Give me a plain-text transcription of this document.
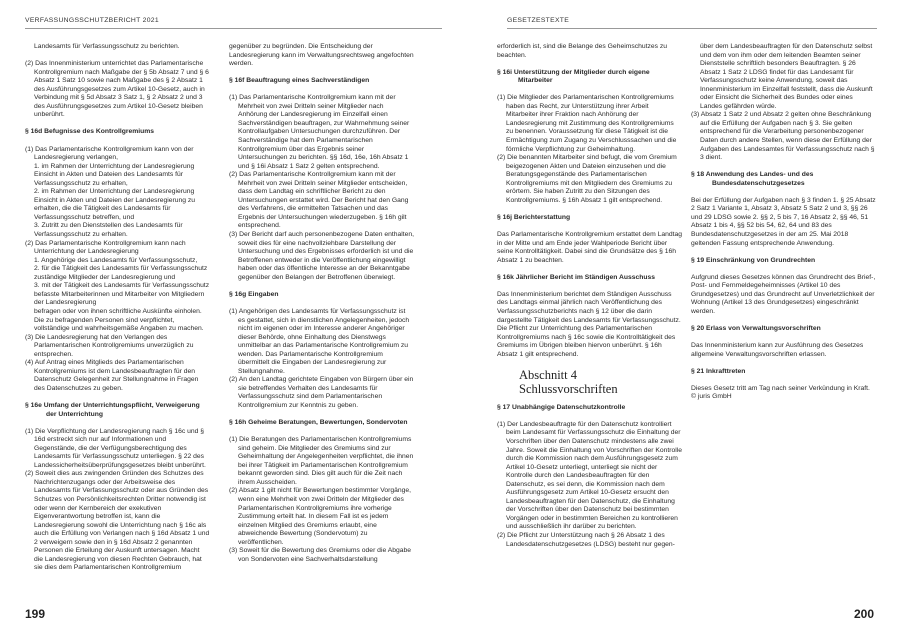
VERFASSUNGSSCHUTZBERICHT 2021	GESETZESTEXTE

Landesamts für Verfassungsschutz zu berichten.

(2) Das Innenministerium unterrichtet das Parlamentarische Kontrollgremium nach Maßgabe der § 5b Absatz 7 und § 6 Absatz 1 Satz 10 sowie nach Maßgabe des § 2 Absatz 1 des Ausführungsgesetzes zum Artikel 10-Gesetz, auch in Verbindung mit § 5d Absatz 3 Satz 1, § 2 Absatz 2 und 3 des Ausführungsgesetzes zum Artikel 10-Gesetz bleiben unberührt.

§ 16d Befugnisse des Kontrollgremiums

(1) Das Parlamentarische Kontrollgremium kann von der Landesregierung verlangen,

1. im Rahmen der Unterrichtung der Landesregierung Einsicht in Akten und Dateien des Landesamts für Verfassungsschutz zu erhalten,

2. im Rahmen der Unterrichtung der Landesregierung Einsicht in Akten und Dateien der Landesregierung zu erhalten, die die Tätigkeit des Landesamts für Verfassungsschutz betreffen, und

3. Zutritt zu den Dienststellen des Landesamts für Verfassungsschutz zu erhalten.

(2) Das Parlamentarische Kontrollgremium kann nach Unterrichtung der Landesregierung

1. Angehörige des Landesamts für Verfassungsschutz,

2. für die Tätigkeit des Landesamts für Verfassungsschutz zuständige Mitglieder der Landesregierung und

3. mit der Tätigkeit des Landesamts für Verfassungsschutz befasste Mitarbeiterinnen und Mitarbeiter von Mitgliedern der Landesregierung

befragen oder von ihnen schriftliche Auskünfte einholen. Die zu befragenden Personen sind verpflichtet, vollständige und wahrheitsgemäße Angaben zu machen.

(3) Die Landesregierung hat den Verlangen des Parlamentarischen Kontrollgremiums unverzüglich zu entsprechen.

(4) Auf Antrag eines Mitglieds des Parlamentarischen Kontrollgremiums ist dem Landesbeauftragten für den Datenschutz Gelegenheit zur Stellungnahme in Fragen des Datenschutzes zu geben.

§ 16e Umfang der Unterrichtungspflicht, Verweigerung der Unterrichtung

(1) Die Verpflichtung der Landesregierung nach § 16c und § 16d erstreckt sich nur auf Informationen und Gegenstände, die der Verfügungsberechtigung des Landesamts für Verfassungsschutz unterliegen. § 22 des Landessicherheitsüberprüfungsgesetzes bleibt unberührt.

(2) Soweit dies aus zwingenden Gründen des Schutzes des Nachrichtenzugangs oder der Arbeitsweise des Landesamts für Verfassungsschutz oder aus Gründen des Schutzes von Persönlichkeitsrechten Dritter notwendig ist oder wenn der Kernbereich der exekutiven Eigenverantwortung betroffen ist, kann die Landesregierung sowohl die Unterrichtung nach § 16c als auch die Erfüllung von Verlangen nach § 16d Absatz 1 und 2 verweigern sowie den in § 16d Absatz 2 genannten Personen die Erteilung der Auskunft untersagen. Macht die Landesregierung von diesen Rechten Gebrauch, hat sie dies dem Parlamentarischen Kontrollgremium

gegenüber zu begründen. Die Entscheidung der Landesregierung kann im Verwaltungsrechtsweg angefochten werden.

§ 16f Beauftragung eines Sachverständigen

(1) Das Parlamentarische Kontrollgremium kann mit der Mehrheit von zwei Dritteln seiner Mitglieder nach Anhörung der Landesregierung im Einzelfall einen Sachverständigen beauftragen, zur Wahrnehmung seiner Kontrollaufgaben Untersuchungen durchzuführen. Der Sachverständige hat dem Parlamentarischen Kontrollgremium über das Ergebnis seiner Untersuchungen zu berichten. §§ 16d, 16e, 16h Absatz 1 und § 16i Absatz 1 Satz 2 gelten entsprechend.

(2) Das Parlamentarische Kontrollgremium kann mit der Mehrheit von zwei Dritteln seiner Mitglieder entscheiden, dass dem Landtag ein schriftlicher Bericht zu den Untersuchungen erstattet wird. Der Bericht hat den Gang des Verfahrens, die ermittelten Tatsachen und das Ergebnis der Untersuchungen wiederzugeben. § 16h gilt entsprechend.

(3) Der Bericht darf auch personenbezogene Daten enthalten, soweit dies für eine nachvollziehbare Darstellung der Untersuchung und des Ergebnisses erforderlich ist und die Betroffenen entweder in die Veröffentlichung eingewilligt haben oder das öffentliche Interesse an der Bekanntgabe gegenüber den Belangen der Betroffenen überwiegt.

§ 16g Eingaben

(1) Angehörigen des Landesamts für Verfassungsschutz ist es gestattet, sich in dienstlichen Angelegenheiten, jedoch nicht im eigenen oder im Interesse anderer Angehöriger dieser Behörde, ohne Einhaltung des Dienstwegs unmittelbar an das Parlamentarische Kontrollgremium zu wenden. Das Parlamentarische Kontrollgremium übermittelt die Eingaben der Landesregierung zur Stellungnahme.

(2) An den Landtag gerichtete Eingaben von Bürgern über ein sie betreffendes Verhalten des Landesamts für Verfassungsschutz sind dem Parlamentarischen Kontrollgremium zur Kenntnis zu geben.

§ 16h Geheime Beratungen, Bewertungen, Sondervoten

(1) Die Beratungen des Parlamentarischen Kontrollgremiums sind geheim. Die Mitglieder des Gremiums sind zur Geheimhaltung der Angelegenheiten verpflichtet, die ihnen bei ihrer Tätigkeit im Parlamentarischen Kontrollgremium bekannt geworden sind. Dies gilt auch für die Zeit nach ihrem Ausscheiden.

(2) Absatz 1 gilt nicht für Bewertungen bestimmter Vorgänge, wenn eine Mehrheit von zwei Dritteln der Mitglieder des Parlamentarischen Kontrollgremiums ihre vorherige Zustimmung erteilt hat. In diesem Fall ist es jedem einzelnen Mitglied des Gremiums erlaubt, eine abweichende Bewertung (Sondervotum) zu veröffentlichen.

(3) Soweit für die Bewertung des Gremiums oder die Abgabe von Sondervoten eine Sachverhaltsdarstellung

erforderlich ist, sind die Belange des Geheimschutzes zu beachten.

§ 16i Unterstützung der Mitglieder durch eigene Mitarbeiter

(1) Die Mitglieder des Parlamentarischen Kontrollgremiums haben das Recht, zur Unterstützung ihrer Arbeit Mitarbeiter ihrer Fraktion nach Anhörung der Landesregierung mit Zustimmung des Kontrollgremiums zu benennen. Voraussetzung für diese Tätigkeit ist die Ermächtigung zum Zugang zu Verschlusssachen und die förmliche Verpflichtung zur Geheimhaltung.

(2) Die benannten Mitarbeiter sind befugt, die vom Gremium beigezogenen Akten und Dateien einzusehen und die Beratungsgegenstände des Parlamentarischen Kontrollgremiums mit den Mitgliedern des Gremiums zu erörtern. Sie haben Zutritt zu den Sitzungen des Kontrollgremiums. § 16h Absatz 1 gilt entsprechend.

§ 16j Berichterstattung

Das Parlamentarische Kontrollgremium erstattet dem Landtag in der Mitte und am Ende jeder Wahlperiode Bericht über seine Kontrolltätigkeit. Dabei sind die Grundsätze des § 16h Absatz 1 zu beachten.

§ 16k Jährlicher Bericht im Ständigen Ausschuss

Das Innenministerium berichtet dem Ständigen Ausschuss des Landtags einmal jährlich nach Veröffentlichung des Verfassungsschutzberichts nach § 12 über die darin dargestellte Tätigkeit des Landesamts für Verfassungsschutz. Die Pflicht zur Unterrichtung des Parlamentarischen Kontrollgremiums nach § 16c sowie die Kontrolltätigkeit des Gremiums im Übrigen bleiben hiervon unberührt. § 16h Absatz 1 gilt entsprechend.

Abschnitt 4
Schlussvorschriften
§ 17 Unabhängige Datenschutzkontrolle

(1) Der Landesbeauftragte für den Datenschutz kontrolliert beim Landesamt für Verfassungsschutz die Einhaltung der Vorschriften über den Datenschutz mindestens alle zwei Jahre. Soweit die Einhaltung von Vorschriften der Kontrolle durch die Kommission nach dem Ausführungsgesetz zum Artikel 10-Gesetz unterliegt, unterliegt sie nicht der Kontrolle durch den Landesbeauftragten für den Datenschutz, es sei denn, die Kommission nach dem Ausführungsgesetz zum Artikel 10-Gesetz ersucht den Landesbeauftragten für den Datenschutz, die Einhaltung der Vorschriften über den Datenschutz bei bestimmten Vorgängen oder in bestimmten Bereichen zu kontrollieren und ausschließlich ihr darüber zu berichten.

(2) Die Pflicht zur Unterstützung nach § 26 Absatz 1 des Landesdatenschutzgesetzes (LDSG) besteht nur gegen-

über dem Landesbeauftragten für den Datenschutz selbst und dem von ihm oder dem leitenden Beamten seiner Dienststelle schriftlich besonders Beauftragten. § 26 Absatz 1 Satz 2 LDSG findet für das Landesamt für Verfassungsschutz keine Anwendung, soweit das Innenministerium im Einzelfall feststellt, dass die Auskunft oder Einsicht die Sicherheit des Bundes oder eines Landes gefährden würde.

(3) Absatz 1 Satz 2 und Absatz 2 gelten ohne Beschränkung auf die Erfüllung der Aufgaben nach § 3. Sie gelten entsprechend für die Verarbeitung personenbezogener Daten durch andere Stellen, wenn diese der Erfüllung der Aufgaben des Landesamtes für Verfassungsschutz nach § 3 dient.

§ 18 Anwendung des Landes- und des Bundesdatenschutzgesetzes

Bei der Erfüllung der Aufgaben nach § 3 finden 1. § 25 Absatz 2 Satz 1 Variante 1, Absatz 3, Absatz 5 Satz 2 und 3, §§ 26 und 29 LDSG sowie 2. §§ 2, 5 bis 7, 16 Absatz 2, §§ 46, 51 Absatz 1 bis 4, §§ 52 bis 54, 62, 64 und 83 des Bundesdatenschutzgesetzes in der am 25. Mai 2018 geltenden Fassung entsprechende Anwendung.

§ 19 Einschränkung von Grundrechten

Aufgrund dieses Gesetzes können das Grundrecht des Brief-, Post- und Fernmeldegeheimnisses (Artikel 10 des Grundgesetzes) und das Grundrecht auf Unverletzlichkeit der Wohnung (Artikel 13 des Grundgesetzes) eingeschränkt werden.

§ 20 Erlass von Verwaltungsvorschriften

Das Innenministerium kann zur Ausführung des Gesetzes allgemeine Verwaltungsvorschriften erlassen.

§ 21 Inkrafttreten

Dieses Gesetz tritt am Tag nach seiner Verkündung in Kraft.

© juris GmbH

199	200
